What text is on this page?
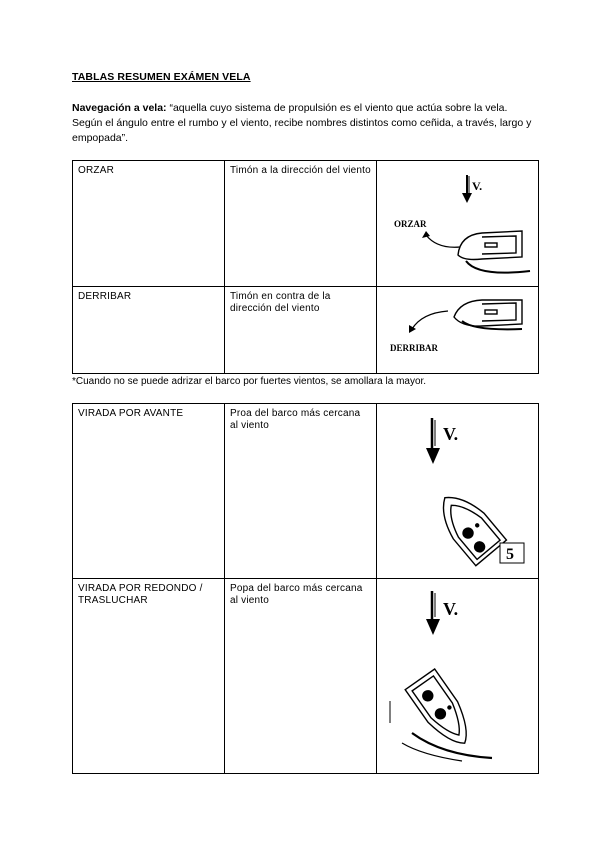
TABLAS RESUMEN EXÁMEN VELA
Navegación a vela: “aquella cuyo sistema de propulsión es el viento que actúa sobre la vela. Según el ángulo entre el rumbo y el viento, recibe nombres distintos como ceñida, a través, largo y empopada”.
ORZAR	Timón a la dirección del viento	V.
ORZAR

DERRIBAR	Timón en contra de la dirección del viento	DERRIBAR
*Cuando no se puede adrizar el barco por fuertes vientos, se amollara la mayor.
VIRADA POR AVANTE	Proa del barco más cercana al viento	V.
5

VIRADA POR REDONDO / TRASLUCHAR	Popa del barco más cercana al viento	V.
